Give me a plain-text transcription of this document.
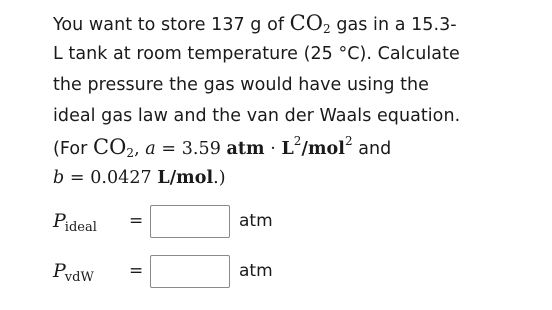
You want to store 137 g of $CO_2$ gas in a 15.3-
L tank at room temperature (25 °C). Calculate
the pressure the gas would have using the
ideal gas law and the van der Waals equation.
(For $CO_2$, a = 3.59 atm · $L^2/mol^2$ and
b = 0.0427 L/mol.)
$P_{ideal}$	=	atm
$P_{vdW}$	=	atm
